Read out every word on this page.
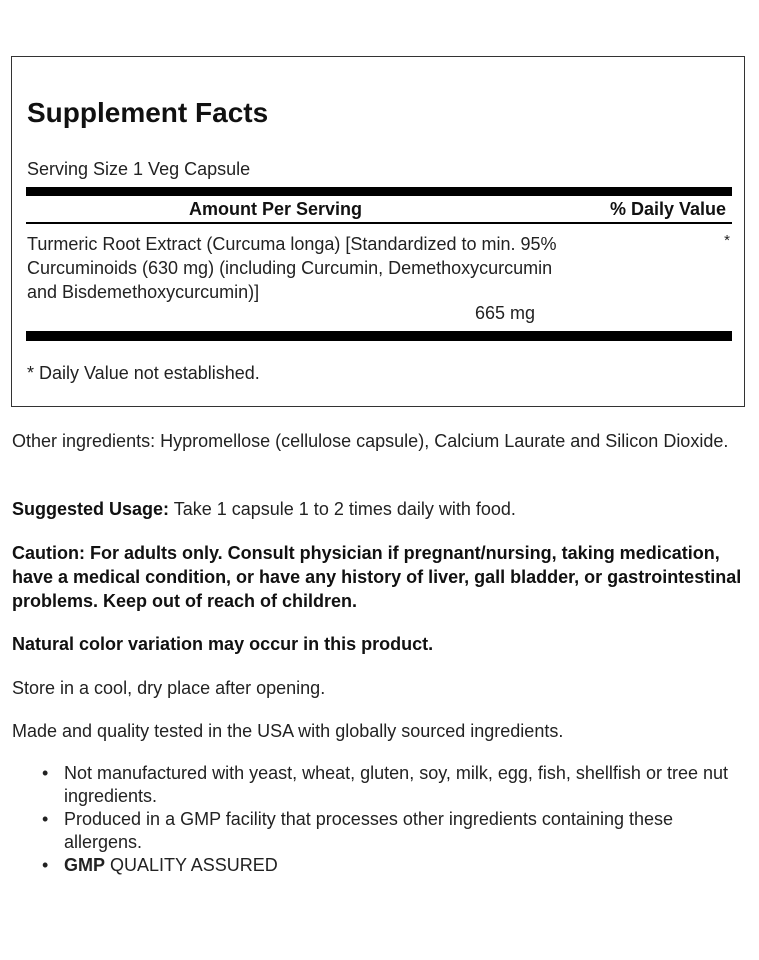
Supplement Facts
Serving Size 1 Veg Capsule
Amount Per Serving	% Daily Value
Turmeric Root Extract (Curcuma longa) [Standardized to min. 95% Curcuminoids (630 mg) (including Curcumin, Demethoxycurcumin and Bisdemethoxycurcumin)]
665 mg
*
* Daily Value not established.

Other ingredients: Hypromellose (cellulose capsule), Calcium Laurate and Silicon Dioxide.

Suggested Usage: Take 1 capsule 1 to 2 times daily with food.

Caution: For adults only. Consult physician if pregnant/nursing, taking medication, have a medical condition, or have any history of liver, gall bladder, or gastrointestinal problems. Keep out of reach of children.

Natural color variation may occur in this product.

Store in a cool, dry place after opening.

Made and quality tested in the USA with globally sourced ingredients.

• Not manufactured with yeast, wheat, gluten, soy, milk, egg, fish, shellfish or tree nut ingredients.
• Produced in a GMP facility that processes other ingredients containing these allergens.
• GMP QUALITY ASSURED
